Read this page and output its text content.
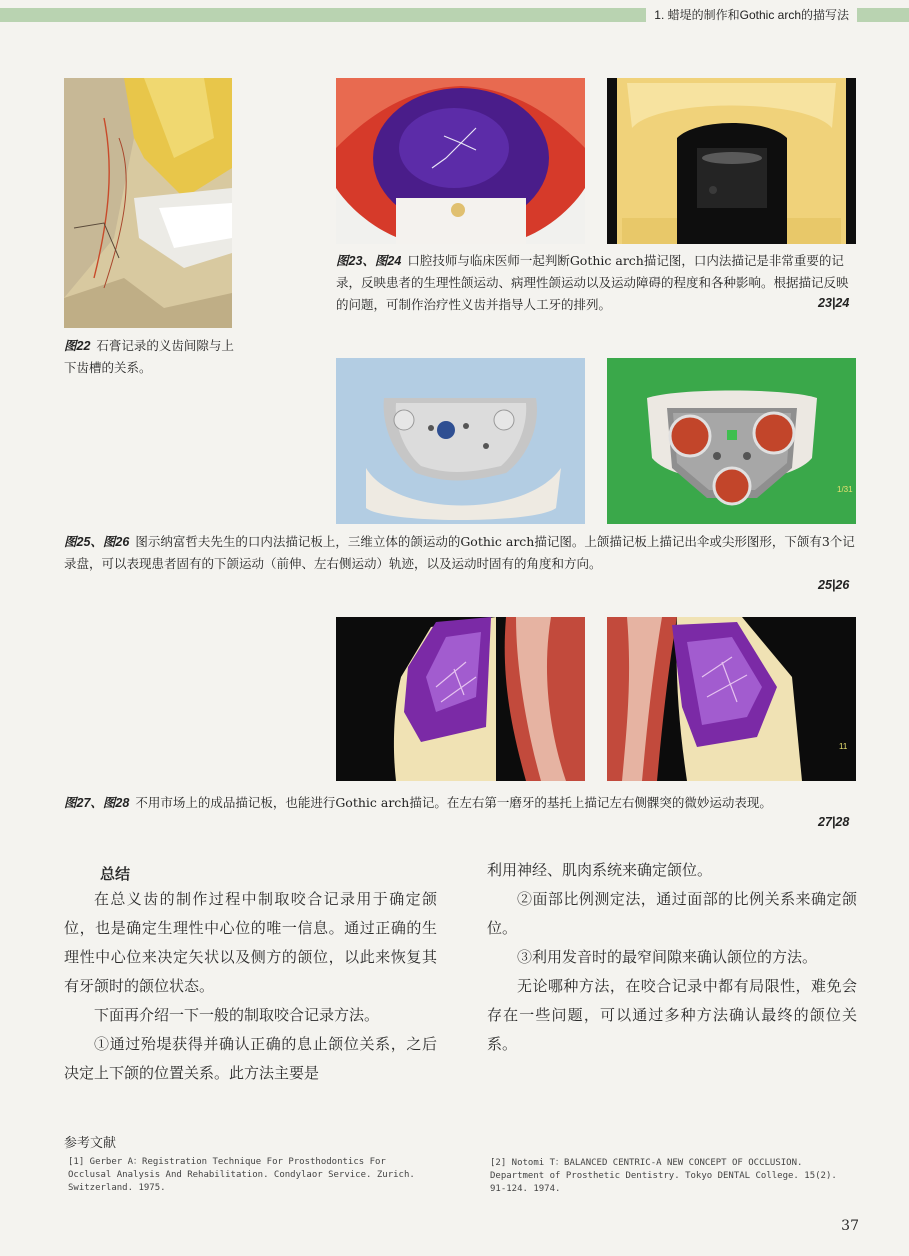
1. 蜡堤的制作和Gothic arch的描写法
图22 石膏记录的义齿间隙与上下齿槽的关系。
图23、图24 口腔技师与临床医师一起判断Gothic arch描记图，口内法描记是非常重要的记录，反映患者的生理性颌运动、病理性颌运动以及运动障碍的程度和各种影响。根据描记反映的问题，可制作治疗性义齿并指导人工牙的排列。	23|24
1/31
图25、图26 图示纳富哲夫先生的口内法描记板上，三维立体的颌运动的Gothic arch描记图。上颌描记板上描记出伞或尖形图形，下颌有3个记录盘，可以表现患者固有的下颌运动（前伸、左右侧运动）轨迹，以及运动时固有的角度和方向。
25|26
11
图27、图28 不用市场上的成品描记板，也能进行Gothic arch描记。在左右第一磨牙的基托上描记左右侧髁突的微妙运动表现。
27|28
总结

在总义齿的制作过程中制取咬合记录用于确定颌位，也是确定生理性中心位的唯一信息。通过正确的生理性中心位来决定矢状以及侧方的颌位，以此来恢复其有牙颌时的颌位状态。

下面再介绍一下一般的制取咬合记录方法。

①通过殆堤获得并确认正确的息止颌位关系，之后决定上下颌的位置关系。此方法主要是

利用神经、肌肉系统来确定颌位。

②面部比例测定法，通过面部的比例关系来确定颌位。

③利用发音时的最窄间隙来确认颌位的方法。

无论哪种方法，在咬合记录中都有局限性，难免会存在一些问题，可以通过多种方法确认最终的颌位关系。

参考文献
[1] Gerber A：Registration Technique For Prosthodontics For Occlusal Analysis And Rehabilitation. Condylaor Service. Zurich. Switzerland. 1975.
[2] Notomi T：BALANCED CENTRIC-A NEW CONCEPT OF OCCLUSION. Department of Prosthetic Dentistry. Tokyo DENTAL College. 15(2). 91-124. 1974.
37
